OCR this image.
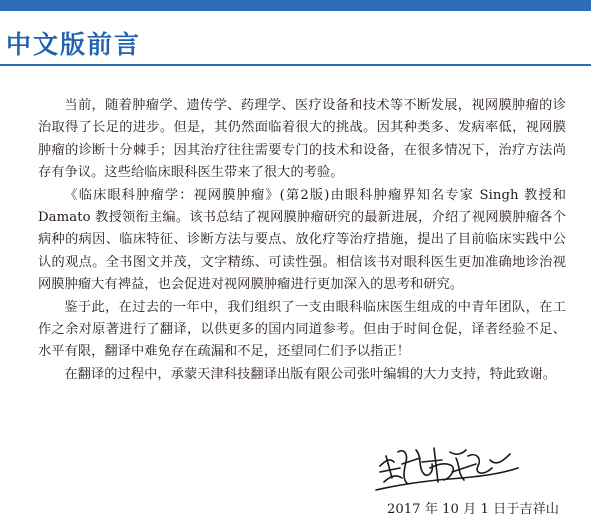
中文版前言

当前，随着肿瘤学、遗传学、药理学、医疗设备和技术等不断发展，视网膜肿瘤的诊治取得了长足的进步。但是，其仍然面临着很大的挑战。因其种类多、发病率低，视网膜肿瘤的诊断十分棘手；因其治疗往往需要专门的技术和设备，在很多情况下，治疗方法尚存有争议。这些给临床眼科医生带来了很大的考验。

《临床眼科肿瘤学：视网膜肿瘤》(第2版)由眼科肿瘤界知名专家 Singh 教授和 Damato 教授领衔主编。该书总结了视网膜肿瘤研究的最新进展，介绍了视网膜肿瘤各个病种的病因、临床特征、诊断方法与要点、放化疗等治疗措施，提出了目前临床实践中公认的观点。全书图文并茂，文字精练、可读性强。相信该书对眼科医生更加准确地诊治视网膜肿瘤大有裨益，也会促进对视网膜肿瘤进行更加深入的思考和研究。

鉴于此，在过去的一年中，我们组织了一支由眼科临床医生组成的中青年团队，在工作之余对原著进行了翻译，以供更多的国内同道参考。但由于时间仓促，译者经验不足、水平有限，翻译中难免存在疏漏和不足，还望同仁们予以指正！

在翻译的过程中，承蒙天津科技翻译出版有限公司张叶编辑的大力支持，特此致谢。

2017 年 10 月 1 日于吉祥山
